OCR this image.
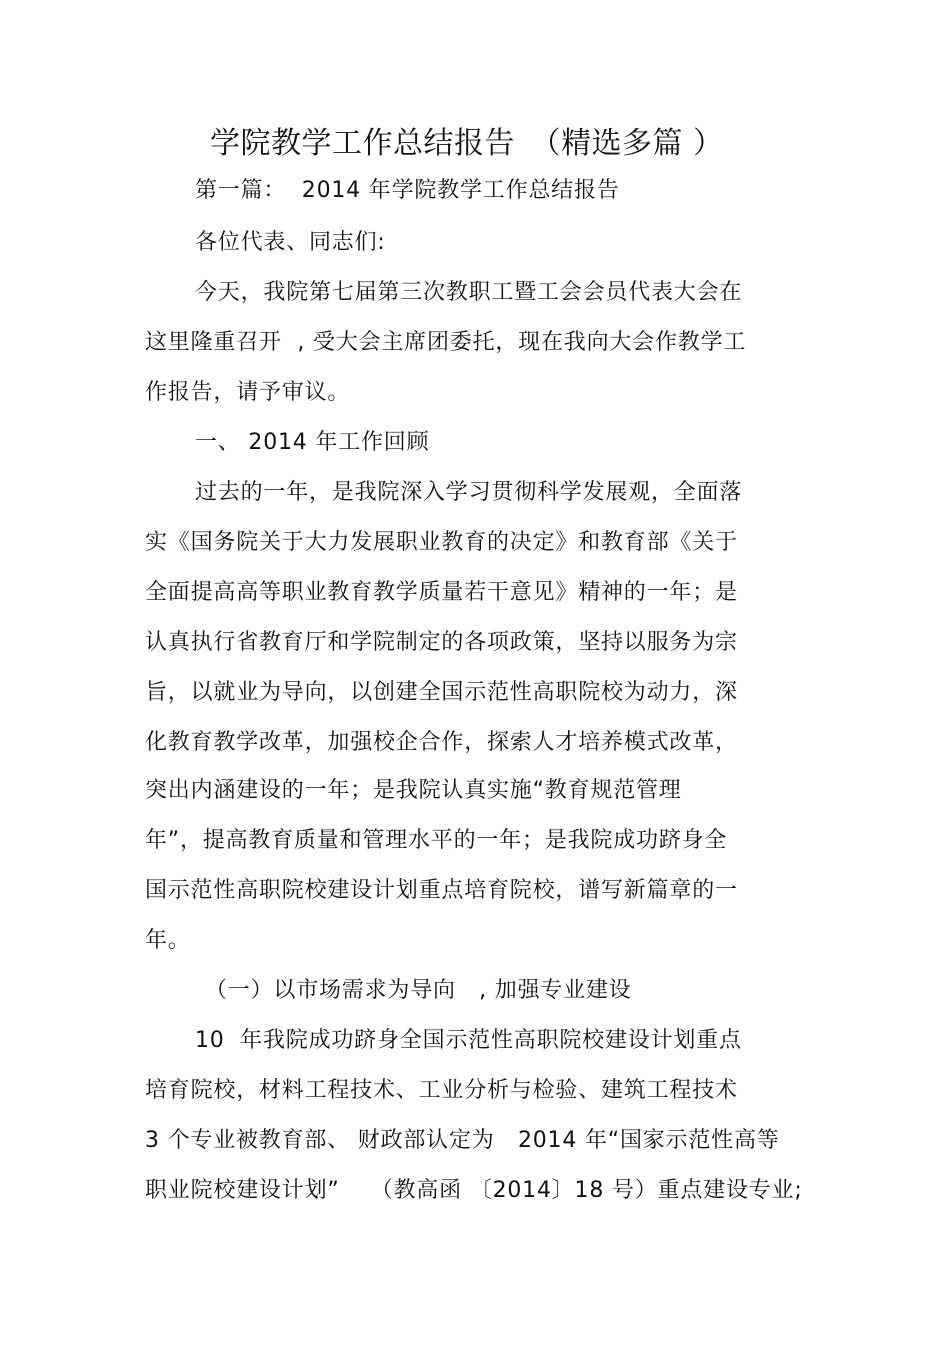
学院教学工作总结报告　（精选多篇 ）
第一篇：  2014 年学院教学工作总结报告
各位代表、同志们:
今天，我院第七届第三次教职工暨工会会员代表大会在
这里隆重召开  , 受大会主席团委托，现在我向大会作教学工
作报告，请予审议。
一、 2014 年工作回顾
过去的一年，是我院深入学习贯彻科学发展观，全面落
实《国务院关于大力发展职业教育的决定》和教育部《关于
全面提高高等职业教育教学质量若干意见》精神的一年；是
认真执行省教育厅和学院制定的各项政策，坚持以服务为宗
旨，以就业为导向，以创建全国示范性高职院校为动力，深
化教育教学改革，加强校企合作，探索人才培养模式改革，
突出内涵建设的一年；是我院认真实施“教育规范管理
年”，提高教育质量和管理水平的一年；是我院成功跻身全
国示范性高职院校建设计划重点培育院校，谱写新篇章的一
年。
（一）以市场需求为导向   , 加强专业建设
10  年我院成功跻身全国示范性高职院校建设计划重点
培育院校，材料工程技术、工业分析与检验、建筑工程技术
3 个专业被教育部、 财政部认定为   2014 年“国家示范性高等
职业院校建设计划”    （教高函 〔2014〕18 号）重点建设专业;
